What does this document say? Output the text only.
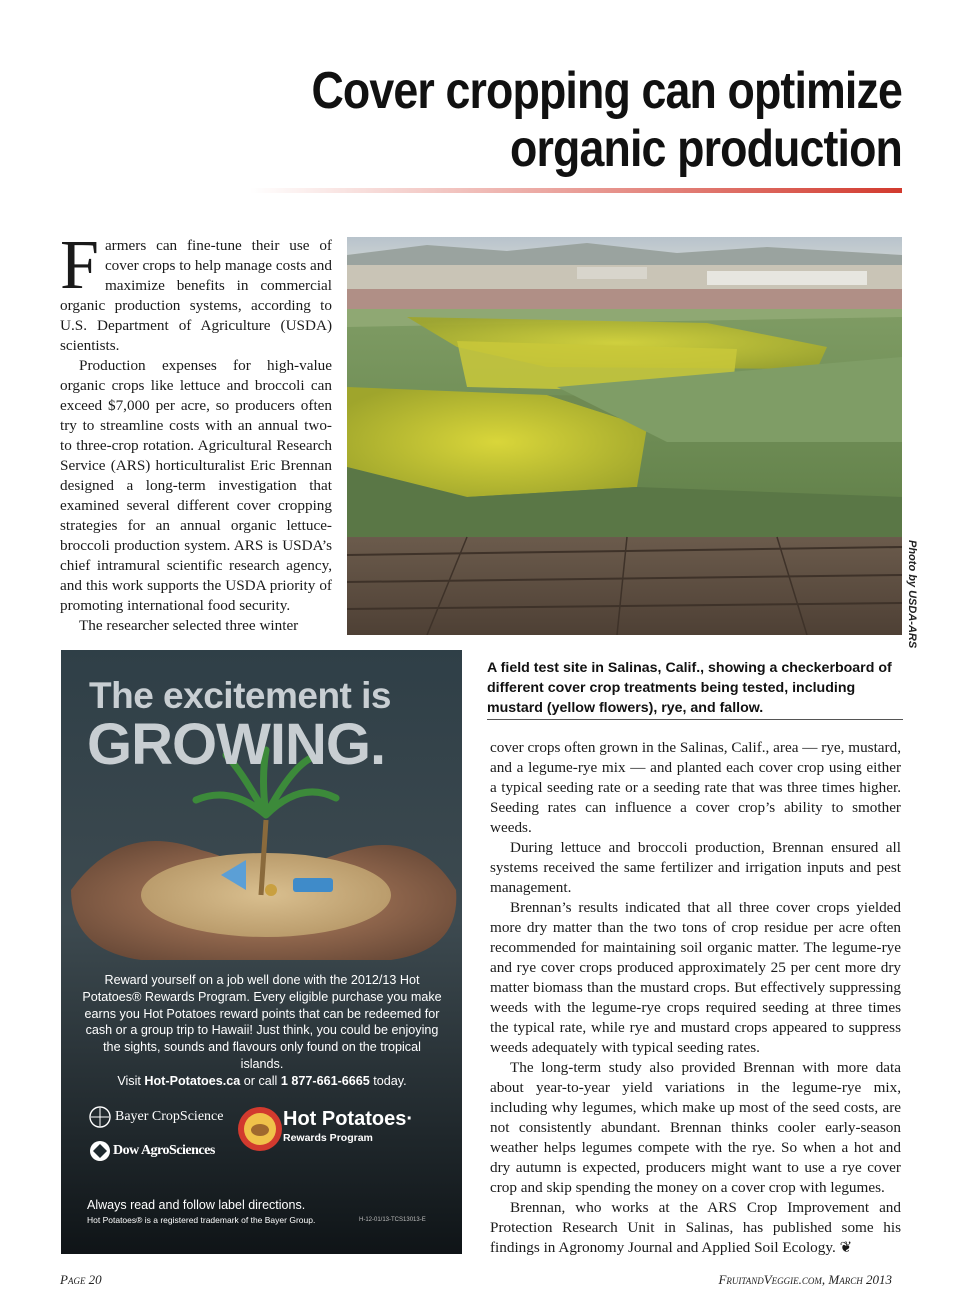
Cover cropping can optimize
organic production

Farmers can fine-tune their use of cover crops to help manage costs and maximize benefits in commercial organic production systems, according to U.S. Department of Agriculture (USDA) scientists.

Production expenses for high-value organic crops like lettuce and broccoli can exceed $7,000 per acre, so producers often try to streamline costs with an annual two- to three-crop rotation. Agricultural Research Service (ARS) horticulturalist Eric Brennan designed a long-term investigation that examined several different cover cropping strategies for an annual organic lettuce-broccoli production system. ARS is USDA’s chief intramural scientific research agency, and this work supports the USDA priority of promoting international food security.

The researcher selected three winter	Photo by USDA-ARS
A field test site in Salinas, Calif., showing a checkerboard of different cover crop treatments being tested, including mustard (yellow flowers), rye, and fallow.

cover crops often grown in the Salinas, Calif., area — rye, mustard, and a legume-rye mix — and planted each cover crop using either a typical seeding rate or a seeding rate that was three times higher. Seeding rates can influence a cover crop’s ability to smother weeds.

During lettuce and broccoli production, Brennan ensured all systems received the same fertilizer and irrigation inputs and pest management.

Brennan’s results indicated that all three cover crops yielded more dry matter than the two tons of crop residue per acre often recommended for maintaining soil organic matter. The legume-rye and rye cover crops produced approximately 25 per cent more dry matter biomass than the mustard crops. But effectively suppressing weeds with the legume-rye crops required seeding at three times the typical rate, while rye and mustard crops appeared to suppress weeds adequately with typical seeding rates.

The long-term study also provided Brennan with more data about year-to-year yield variations in the legume-rye mix, including why legumes, which make up most of the seed costs, are not consistently abundant. Brennan thinks cooler early-season weather helps legumes compete with the rye. So when a hot and dry autumn is expected, producers might want to use a rye cover crop and skip spending the money on a cover crop with legumes.

Brennan, who works at the ARS Crop Improvement and Protection Research Unit in Salinas, has published some his findings in Agronomy Journal and Applied Soil Ecology. ❦

The excitement is
GROWING.
Reward yourself on a job well done with the 2012/13 Hot Potatoes® Rewards Program. Every eligible purchase you make earns you Hot Potatoes reward points that can be redeemed for cash or a group trip to Hawaii! Just think, you could be enjoying the sights, sounds and flavours only found on the tropical islands.
Visit Hot-Potatoes.ca or call 1 877-661-6665 today.
Bayer CropScience
Dow AgroSciences
Hot Potatoes·
Rewards Program
Always read and follow label directions.
Hot Potatoes® is a registered trademark of the Bayer Group.	H-12-01/13-TCS13013-E
Page 20	FruitandVeggie.com, March 2013
